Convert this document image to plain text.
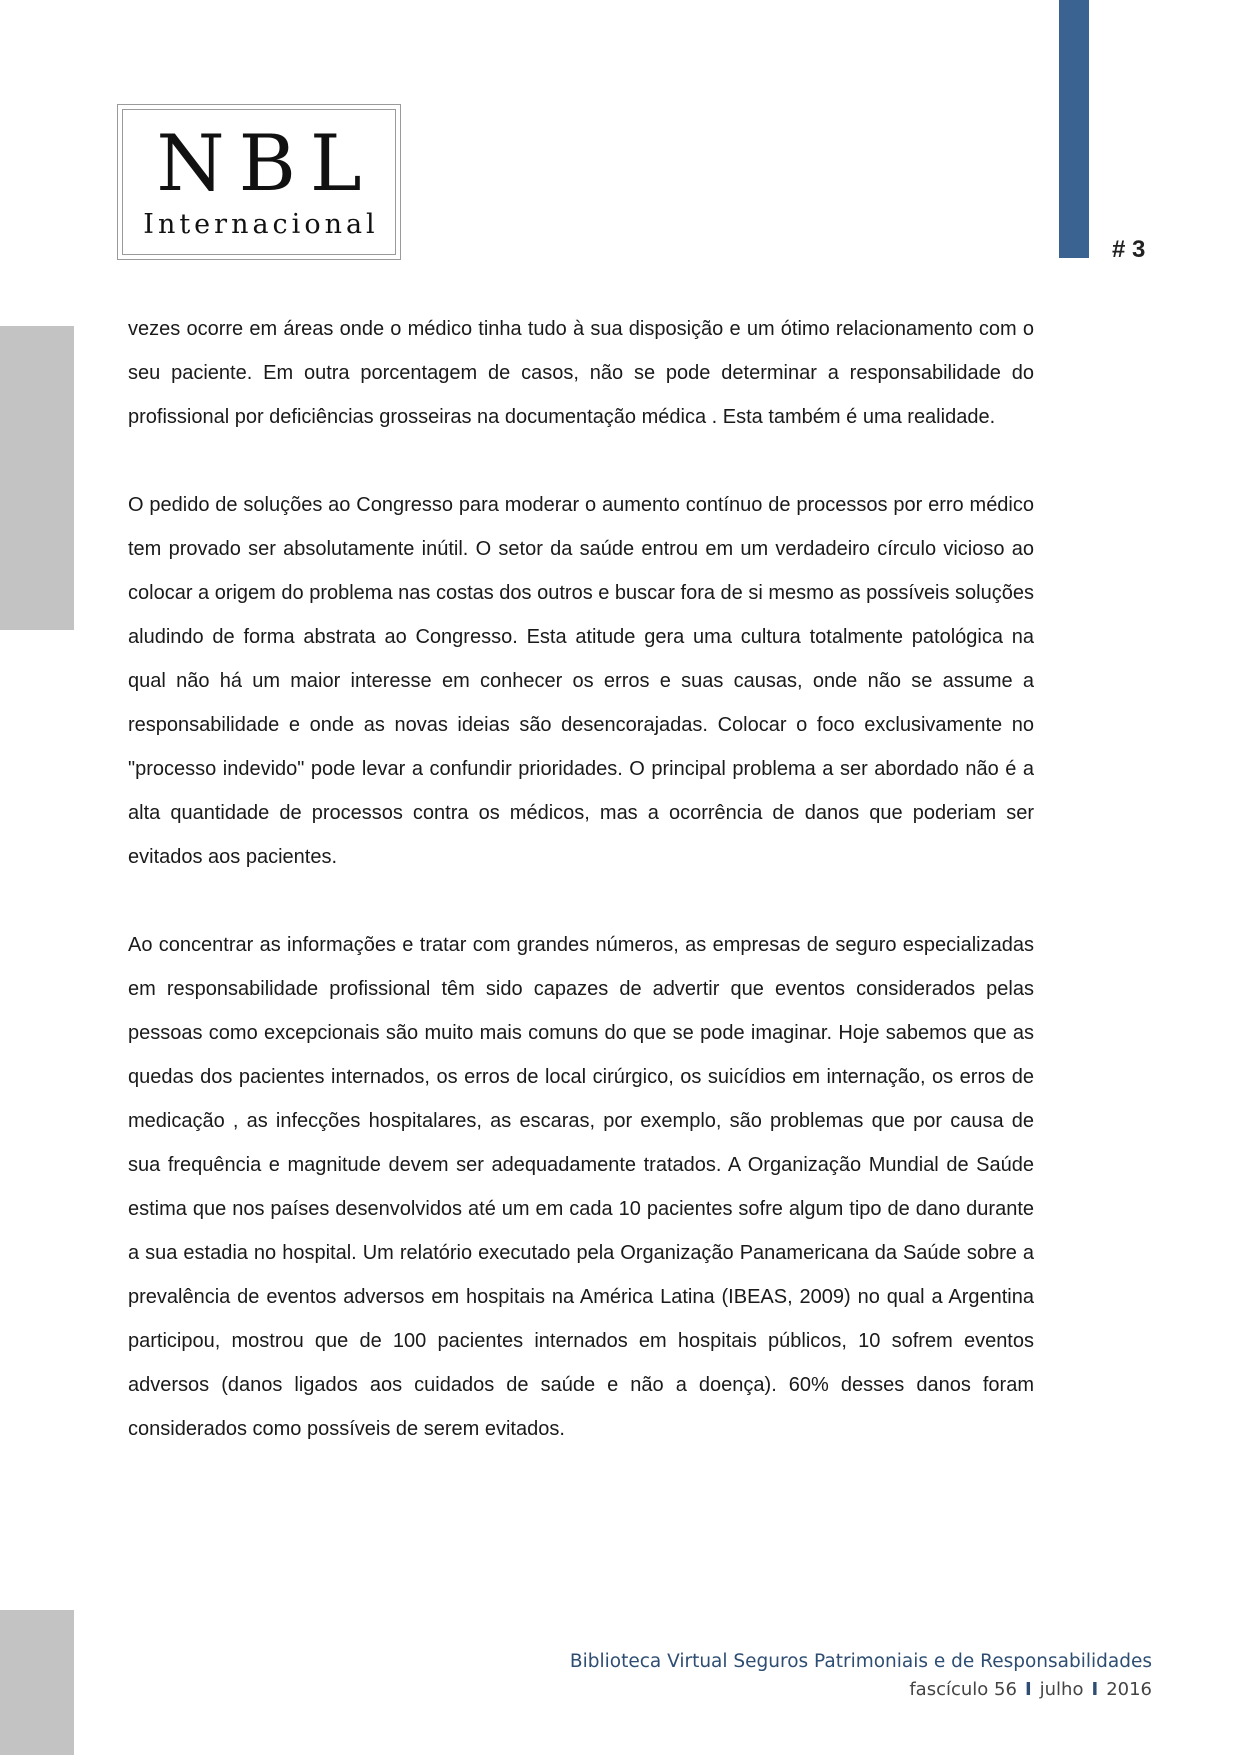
NBL
Internacional
# 3

vezes ocorre em áreas onde o médico tinha tudo à sua disposição e um ótimo relacionamento com o seu paciente. Em outra porcentagem de casos, não se pode determinar a responsabilidade do profissional por deficiências grosseiras na documentação médica . Esta também é uma realidade.

O pedido de soluções ao Congresso para moderar o aumento contínuo de processos por erro médico tem provado ser absolutamente inútil. O setor da saúde entrou em um verdadeiro círculo vicioso ao colocar a origem do problema nas costas dos outros e buscar fora de si mesmo as possíveis soluções aludindo de forma abstrata ao Congresso. Esta atitude gera uma cultura totalmente patológica na qual não há um maior interesse em conhecer os erros e suas causas, onde não se assume a responsabilidade e onde as novas ideias são desencorajadas. Colocar o foco exclusivamente no "processo indevido" pode levar a confundir prioridades. O principal problema a ser abordado não é a alta quantidade de processos contra os médicos, mas a ocorrência de danos que poderiam ser evitados aos pacientes.

Ao concentrar as informações e tratar com grandes números, as empresas de seguro especializadas em responsabilidade profissional têm sido capazes de advertir que eventos considerados pelas pessoas como excepcionais são muito mais comuns do que se pode imaginar. Hoje sabemos que as quedas dos pacientes internados, os erros de local cirúrgico, os suicídios em internação, os erros de medicação , as infecções hospitalares, as escaras, por exemplo, são problemas que por causa de sua frequência e magnitude devem ser adequadamente tratados. A Organização Mundial de Saúde estima que nos países desenvolvidos até um em cada 10 pacientes sofre algum tipo de dano durante a sua estadia no hospital. Um relatório executado pela Organização Panamericana da Saúde sobre a prevalência de eventos adversos em hospitais na América Latina (IBEAS, 2009) no qual a Argentina participou, mostrou que de 100 pacientes internados em hospitais públicos, 10 sofrem eventos adversos (danos ligados aos cuidados de saúde e não a doença). 60% desses danos foram considerados como possíveis de serem evitados.

Biblioteca Virtual Seguros Patrimoniais e de Responsabilidades
fascículo 56 I julho I 2016
